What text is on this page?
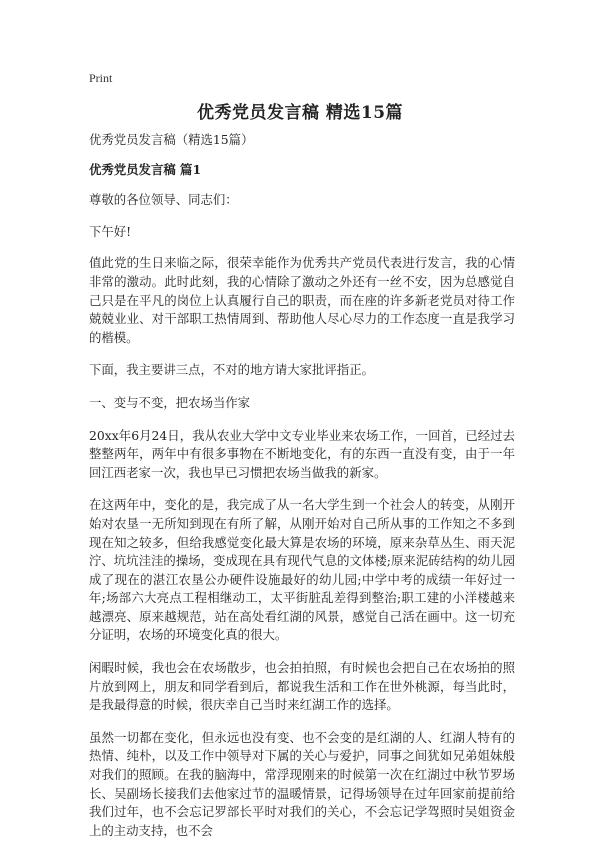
Print
优秀党员发言稿 精选15篇

优秀党员发言稿（精选15篇）

优秀党员发言稿 篇1

尊敬的各位领导、同志们：

下午好!

值此党的生日来临之际，很荣幸能作为优秀共产党员代表进行发言，我的心情非常的激动。此时此刻，我的心情除了激动之外还有一丝不安，因为总感觉自己只是在平凡的岗位上认真履行自己的职责，而在座的许多新老党员对待工作兢兢业业、对干部职工热情周到、帮助他人尽心尽力的工作态度一直是我学习的楷模。

下面，我主要讲三点，不对的地方请大家批评指正。

一、变与不变，把农场当作家

20xx年6月24日，我从农业大学中文专业毕业来农场工作，一回首，已经过去整整两年，两年中有很多事物在不断地变化，有的东西一直没有变，由于一年回江西老家一次，我也早已习惯把农场当做我的新家。

在这两年中，变化的是，我完成了从一名大学生到一个社会人的转变，从刚开始对农垦一无所知到现在有所了解，从刚开始对自己所从事的工作知之不多到现在知之较多，但给我感觉变化最大算是农场的环境，原来杂草丛生、雨天泥泞、坑坑洼洼的操场，变成现在具有现代气息的文体楼;原来泥砖结构的幼儿园成了现在的湛江农垦公办硬件设施最好的幼儿园;中学中考的成绩一年好过一年;场部六大亮点工程相继动工，太平街脏乱差得到整治;职工建的小洋楼越来越漂亮、原来越规范，站在高处看红湖的风景，感觉自己活在画中。这一切充分证明，农场的环境变化真的很大。

闲暇时候，我也会在农场散步，也会拍拍照，有时候也会把自己在农场拍的照片放到网上，朋友和同学看到后，都说我生活和工作在世外桃源，每当此时，是我最得意的时候，很庆幸自己当时来红湖工作的选择。

虽然一切都在变化，但永远也没有变、也不会变的是红湖的人、红湖人特有的热情、纯朴，以及工作中领导对下属的关心与爱护，同事之间犹如兄弟姐妹般对我们的照顾。在我的脑海中，常浮现刚来的时候第一次在红湖过中秋节罗场长、吴副场长接我们去他家过节的温暖情景，记得场领导在过年回家前提前给我们过年，也不会忘记罗部长平时对我们的关心，不会忘记学驾照时吴姐资金上的主动支持，也不会
